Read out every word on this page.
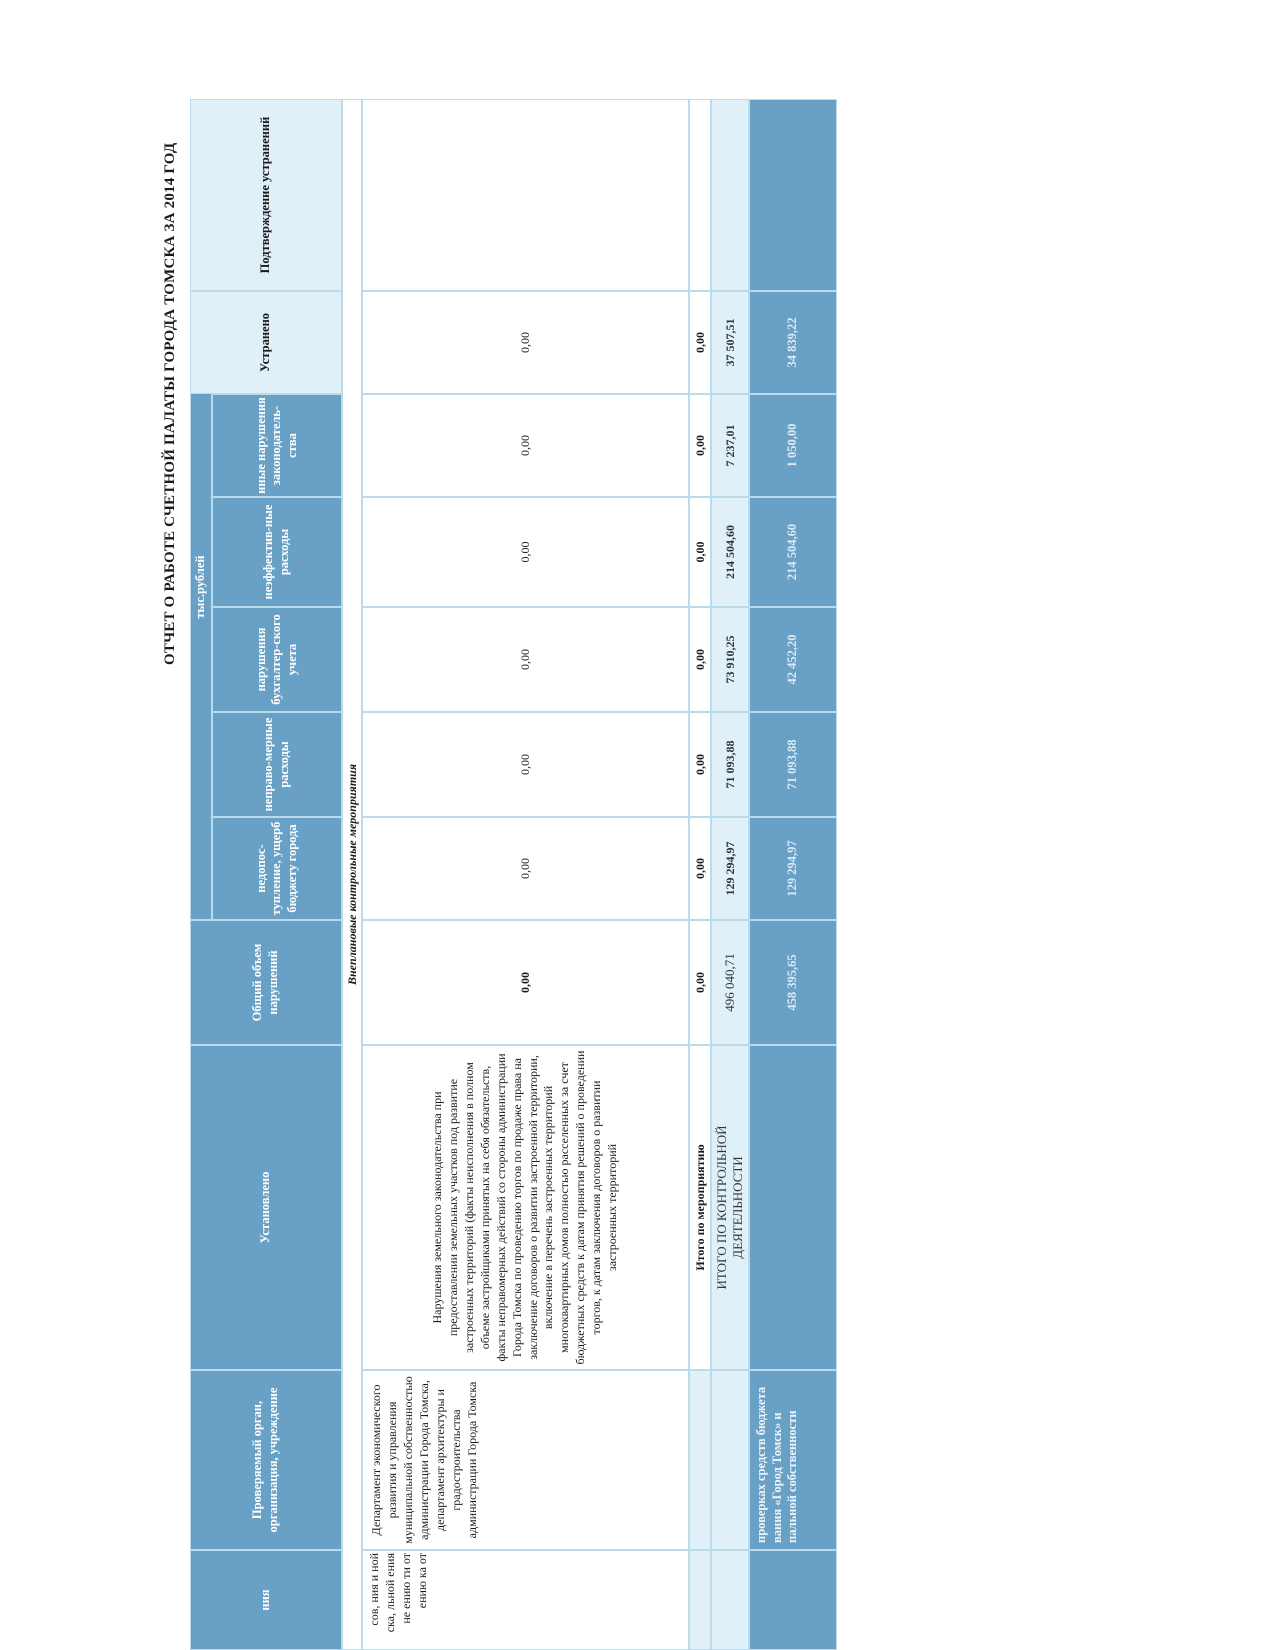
ОТЧЕТ О РАБОТЕ СЧЕТНОЙ ПАЛАТЫ ГОРОДА ТОМСКА ЗА 2014 ГОД
ния
Проверяемый орган, организация, учреждение
Установлено
Общий объем нарушений
тыс.рублей
недопос-тупление, ущерб бюджету города
неправо-мерные расходы
нарушения бухгалтер-ского учета
неэффектив-ные расходы
иные нарушения законодатель-ства
Устранено
Подтверждение устранений
Внеплановые контрольные мероприятия
сов, ния и ной ска, льной ения не ению ти от ению ка от
Департамент экономического развития и управления муниципальной собственностью администрации Города Томска, департамент архитектуры и градостроительства администрации Города Томска
Нарушения земельного законодательства при предоставлении земельных участков под развитие застроенных территорий (факты неисполнения в полном объеме застройщиками принятых на себя обязательств, факты неправомерных действий со стороны администрации Города Томска по проведению торгов по продаже права на заключение договоров о развитии застроенной территории, включение в перечень застроенных территорий многоквартирных домов полностью расселенных за счет бюджетных средств к датам принятия решений о проведении торгов, к датам заключения договоров о развитии застроенных территорий
0,00
0,00
0,00
0,00
0,00
0,00
0,00
Итого по мероприятию
0,00
0,00
0,00
0,00
0,00
0,00
0,00
ИТОГО ПО КОНТРОЛЬНОЙ ДЕЯТЕЛЬНОСТИ
496 040,71
129 294,97
71 093,88
73 910,25
214 504,60
7 237,01
37 507,51
проверках средств бюджета вания «Город Томск» и пальной собственности
458 395,65
129 294,97
71 093,88
42 452,20
214 504,60
1 050,00
34 839,22
